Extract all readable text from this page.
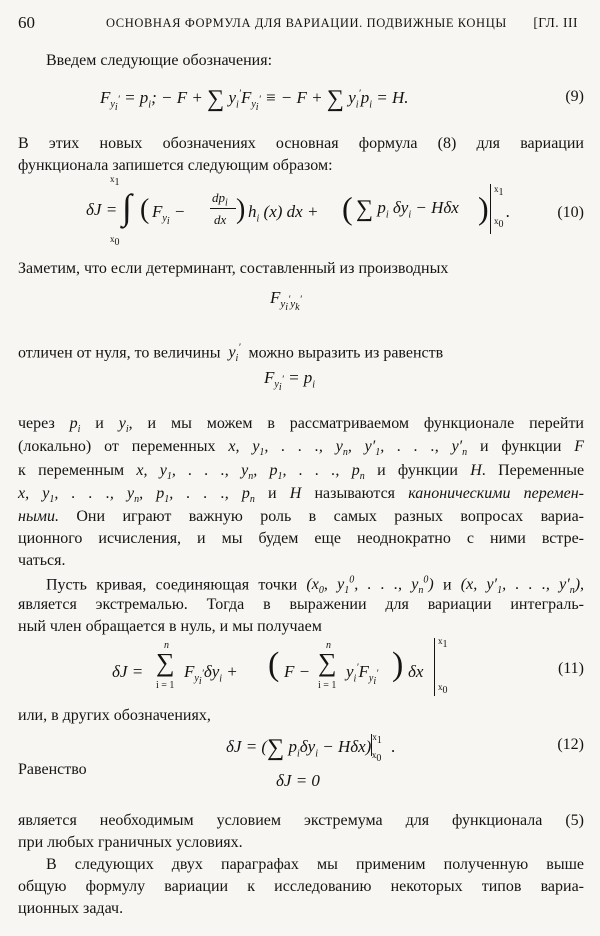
60	ОСНОВНАЯ ФОРМУЛА ДЛЯ ВАРИАЦИИ. ПОДВИЖНЫЕ КОНЦЫ [ГЛ. III
Введем следующие обозначения:
$F_{y_i'} = p_i$; − F + ∑ $y_i'F_{y_i'}$ ≡ − F + ∑ $y_i'p_i = H$.	(9)
В этих новых обозначениях основная формула (8) для вариации
функционала запишется следующим образом:
$x_1$
$x_0$
δJ = ∫ ( $F_{y_i}$ −
$dp_i$
dx ) $h_i$ (x) dx + ( ∑ $p_i$ $\delta y_i - H\delta x$ )
$x_1$
$x_0$
.	(10)
Заметим, что если детерминант, составленный из производных
$F_{y_i'y_k'}$
отличен от нуля, то величины  $y_i'$ можно выразить из равенств
$F_{y_i'} = p_i$
через $p_i$ и $y_i$, и мы можем в рассматриваемом функционале перейти
(локально) от переменных x, $y_1$, . . ., $y_n$, $y'_1$, . . ., $y'_n$ и функции F
к переменным x, $y_1$, . . ., $y_n$, $p_1$, . . ., $p_n$ и функции H. Переменные
x, $y_1$, . . ., $y_n$, $p_1$, . . ., $p_n$ и H называются каноническими перемен-
ными. Они играют важную роль в самых разных вопросах вариа-
ционного исчисления, и мы будем еще неоднократно с ними встре-
чаться.
Пусть кривая, соединяющая точки ($x_0$, $y_1^0$, . . ., $y_n^0$) и (x, $y'_1$, . . ., $y'_n$),
является экстремалью. Тогда в выражении для вариации интеграль-
ный член обращается в нуль, и мы получаем
δJ =
n
∑
i = 1
$F_{y_i'}\delta y_i$ + ( F −
n
∑
i = 1
$y_i'F_{y_i'}$ ) δx
$x_1$
$x_0$
(11)
или, в других обозначениях,
δJ = (∑ $p_i\delta y_i - H\delta x)^{x_1}_{x_0}$.	(12)
Равенство
δJ = 0
является необходимым условием экстремума для функционала (5)
при любых граничных условиях.
В следующих двух параграфах мы применим полученную выше
общую формулу вариации к исследованию некоторых типов вариа-
ционных задач.
